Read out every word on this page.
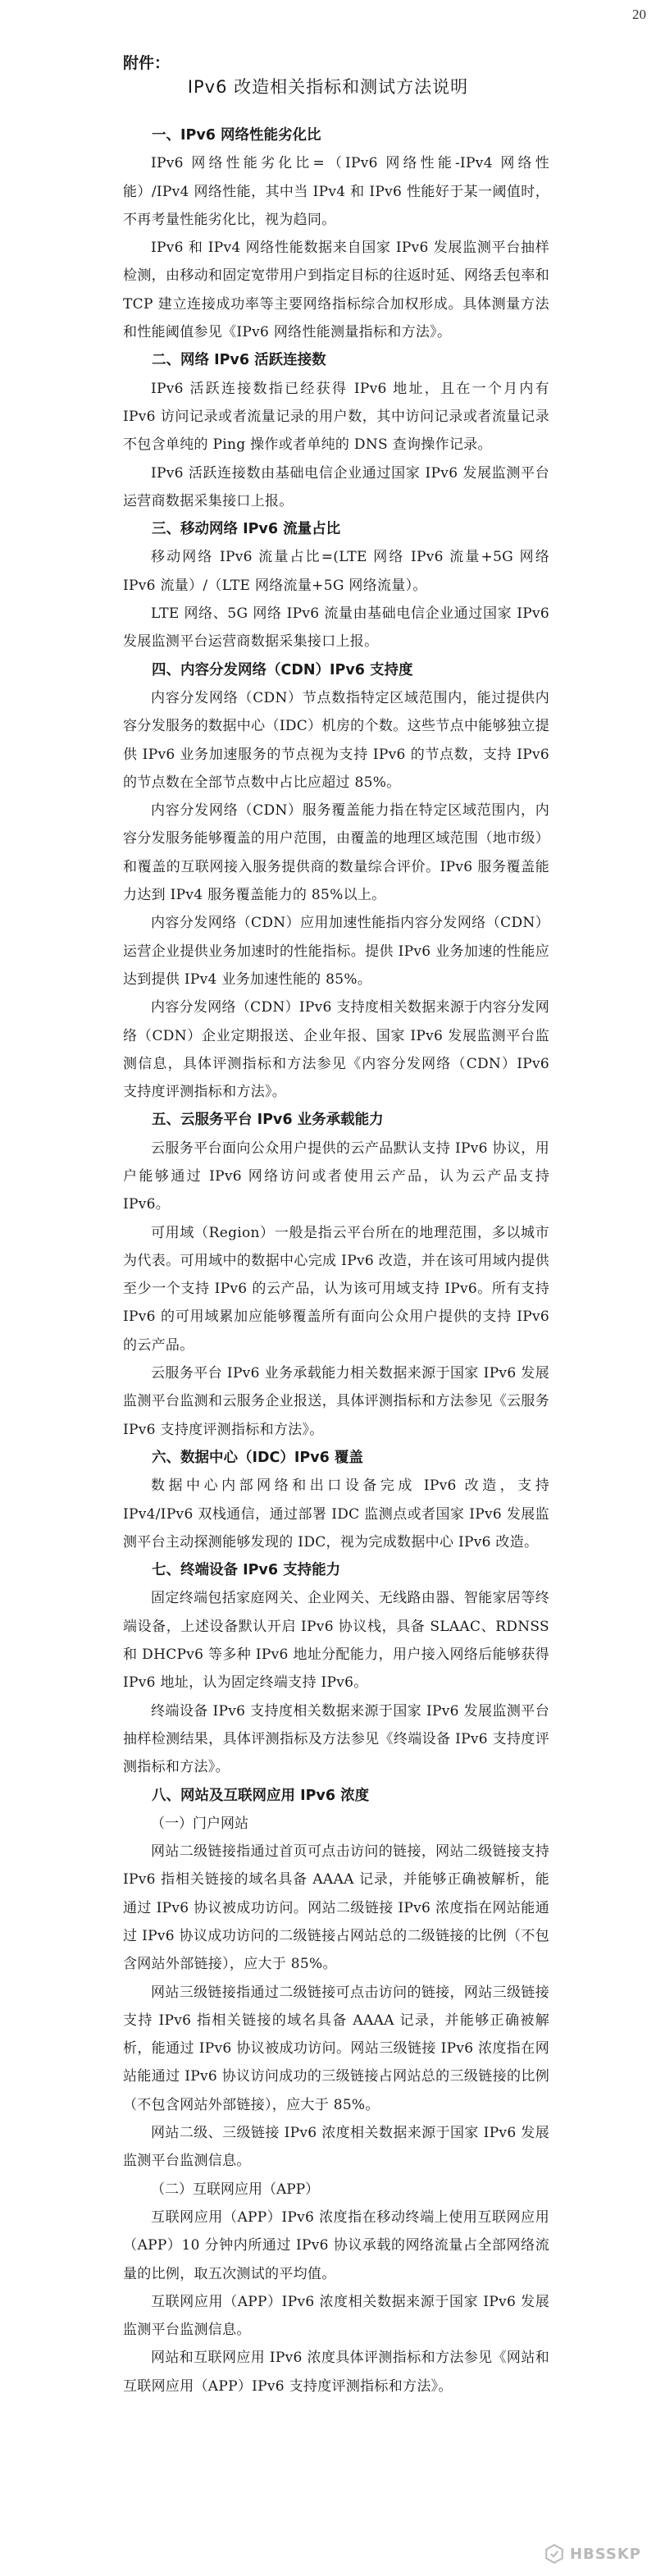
20
附件：
IPv6 改造相关指标和测试方法说明
一、IPv6 网络性能劣化比

IPv6 网络性能劣化比=（IPv6 网络性能-IPv4 网络性能）/IPv4 网络性能，其中当 IPv4 和 IPv6 性能好于某一阈值时，不再考量性能劣化比，视为趋同。

IPv6 和 IPv4 网络性能数据来自国家 IPv6 发展监测平台抽样检测，由移动和固定宽带用户到指定目标的往返时延、网络丢包率和 TCP 建立连接成功率等主要网络指标综合加权形成。具体测量方法和性能阈值参见《IPv6 网络性能测量指标和方法》。

二、网络 IPv6 活跃连接数

IPv6 活跃连接数指已经获得 IPv6 地址，且在一个月内有 IPv6 访问记录或者流量记录的用户数，其中访问记录或者流量记录不包含单纯的 Ping 操作或者单纯的 DNS 查询操作记录。

IPv6 活跃连接数由基础电信企业通过国家 IPv6 发展监测平台运营商数据采集接口上报。

三、移动网络 IPv6 流量占比

移动网络 IPv6 流量占比=(LTE 网络 IPv6 流量+5G 网络 IPv6 流量）/（LTE 网络流量+5G 网络流量）。

LTE 网络、5G 网络 IPv6 流量由基础电信企业通过国家 IPv6 发展监测平台运营商数据采集接口上报。

四、内容分发网络（CDN）IPv6 支持度

内容分发网络（CDN）节点数指特定区域范围内，能过提供内容分发服务的数据中心（IDC）机房的个数。这些节点中能够独立提供 IPv6 业务加速服务的节点视为支持 IPv6 的节点数，支持 IPv6 的节点数在全部节点数中占比应超过 85%。

内容分发网络（CDN）服务覆盖能力指在特定区域范围内，内容分发服务能够覆盖的用户范围，由覆盖的地理区域范围（地市级）和覆盖的互联网接入服务提供商的数量综合评价。IPv6 服务覆盖能力达到 IPv4 服务覆盖能力的 85%以上。

内容分发网络（CDN）应用加速性能指内容分发网络（CDN）运营企业提供业务加速时的性能指标。提供 IPv6 业务加速的性能应达到提供 IPv4 业务加速性能的 85%。

内容分发网络（CDN）IPv6 支持度相关数据来源于内容分发网络（CDN）企业定期报送、企业年报、国家 IPv6 发展监测平台监测信息，具体评测指标和方法参见《内容分发网络（CDN）IPv6 支持度评测指标和方法》。

五、云服务平台 IPv6 业务承载能力

云服务平台面向公众用户提供的云产品默认支持 IPv6 协议，用户能够通过 IPv6 网络访问或者使用云产品，认为云产品支持 IPv6。

可用域（Region）一般是指云平台所在的地理范围，多以城市为代表。可用域中的数据中心完成 IPv6 改造，并在该可用域内提供至少一个支持 IPv6 的云产品，认为该可用域支持 IPv6。所有支持 IPv6 的可用域累加应能够覆盖所有面向公众用户提供的支持 IPv6 的云产品。

云服务平台 IPv6 业务承载能力相关数据来源于国家 IPv6 发展监测平台监测和云服务企业报送，具体评测指标和方法参见《云服务 IPv6 支持度评测指标和方法》。

六、数据中心（IDC）IPv6 覆盖

数据中心内部网络和出口设备完成 IPv6 改造，支持 IPv4/IPv6 双栈通信，通过部署 IDC 监测点或者国家 IPv6 发展监测平台主动探测能够发现的 IDC，视为完成数据中心 IPv6 改造。

七、终端设备 IPv6 支持能力

固定终端包括家庭网关、企业网关、无线路由器、智能家居等终端设备，上述设备默认开启 IPv6 协议栈，具备 SLAAC、RDNSS 和 DHCPv6 等多种 IPv6 地址分配能力，用户接入网络后能够获得 IPv6 地址，认为固定终端支持 IPv6。

终端设备 IPv6 支持度相关数据来源于国家 IPv6 发展监测平台抽样检测结果，具体评测指标及方法参见《终端设备 IPv6 支持度评测指标和方法》。

八、网站及互联网应用 IPv6 浓度
（一）门户网站

网站二级链接指通过首页可点击访问的链接，网站二级链接支持 IPv6 指相关链接的域名具备 AAAA 记录，并能够正确被解析，能通过 IPv6 协议被成功访问。网站二级链接 IPv6 浓度指在网站能通过 IPv6 协议成功访问的二级链接占网站总的二级链接的比例（不包含网站外部链接），应大于 85%。

网站三级链接指通过二级链接可点击访问的链接，网站三级链接支持 IPv6 指相关链接的域名具备 AAAA 记录，并能够正确被解析，能通过 IPv6 协议被成功访问。网站三级链接 IPv6 浓度指在网站能通过 IPv6 协议访问成功的三级链接占网站总的三级链接的比例（不包含网站外部链接），应大于 85%。

网站二级、三级链接 IPv6 浓度相关数据来源于国家 IPv6 发展监测平台监测信息。

（二）互联网应用（APP）

互联网应用（APP）IPv6 浓度指在移动终端上使用互联网应用（APP）10 分钟内所通过 IPv6 协议承载的网络流量占全部网络流量的比例，取五次测试的平均值。

互联网应用（APP）IPv6 浓度相关数据来源于国家 IPv6 发展监测平台监测信息。

网站和互联网应用 IPv6 浓度具体评测指标和方法参见《网站和互联网应用（APP）IPv6 支持度评测指标和方法》。

HBSSKP
